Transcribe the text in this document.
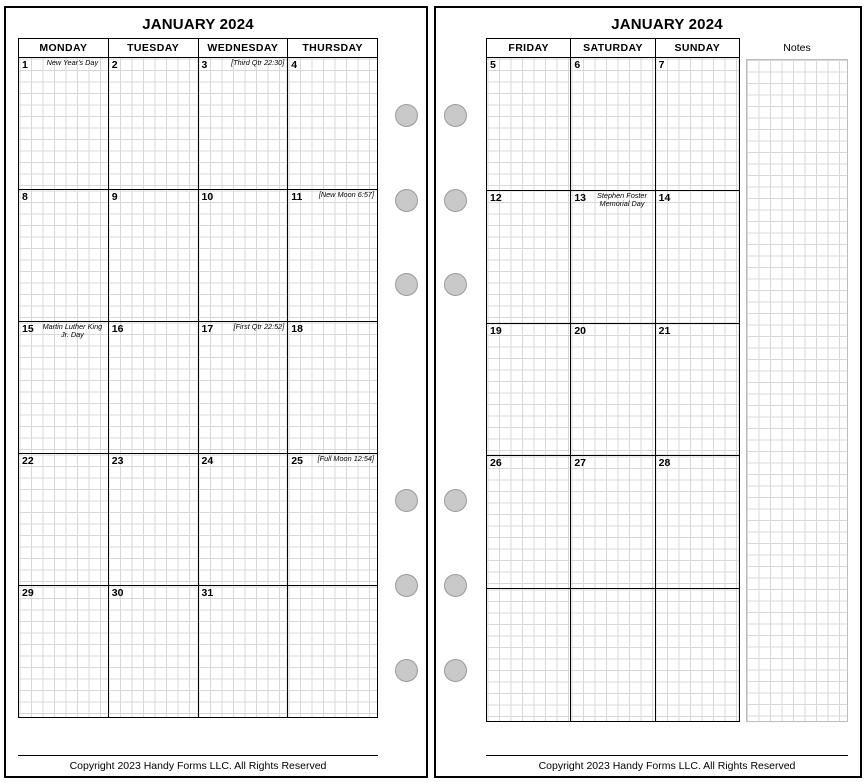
JANUARY 2024
MONDAY	TUESDAY	WEDNESDAY	THURSDAY

1 New Year's Day	2	3 [Third Qtr 22:30]	4

8	9	10	11 [New Moon 6:57]

15 Martin Luther King Jr. Day	16	17 [First Qtr 22:52]	18

22	23	24	25 [Full Moon 12:54]

29	30	31	

Copyright 2023 Handy Forms LLC. All Rights Reserved
JANUARY 2024
FRIDAY	SATURDAY	SUNDAY

5	6	7

12	13 Stephen Foster Memorial Day	14

19	20	21

26	27	28

Notes
Copyright 2023 Handy Forms LLC. All Rights Reserved
